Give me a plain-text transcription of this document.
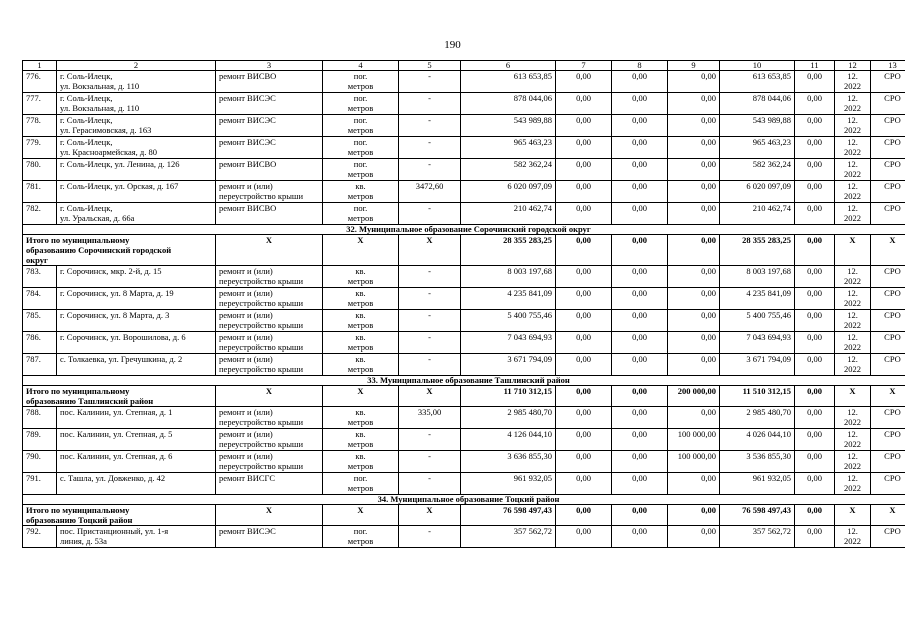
190
1	2	3	4	5	6	7	8	9	10	11	12	13
776.	г. Соль-Илецк,
ул. Вокзальная, д. 110	ремонт ВИСВО	пог.
метров	-	613 653,85	0,00	0,00	0,00	613 653,85	0,00	12.
2022	СРО
777.	г. Соль-Илецк,
ул. Вокзальная, д. 110	ремонт ВИСЭС	пог.
метров	-	878 044,06	0,00	0,00	0,00	878 044,06	0,00	12.
2022	СРО
778.	г. Соль-Илецк,
ул. Герасимовская, д. 163	ремонт ВИСЭС	пог.
метров	-	543 989,88	0,00	0,00	0,00	543 989,88	0,00	12.
2022	СРО
779.	г. Соль-Илецк,
ул. Красноармейская, д. 80	ремонт ВИСЭС	пог.
метров	-	965 463,23	0,00	0,00	0,00	965 463,23	0,00	12.
2022	СРО
780.	г. Соль-Илецк, ул. Ленина, д. 126	ремонт ВИСВО	пог.
метров	-	582 362,24	0,00	0,00	0,00	582 362,24	0,00	12.
2022	СРО
781.	г. Соль-Илецк, ул. Орская, д. 167	ремонт и (или)
переустройство крыши	кв.
метров	3472,60	6 020 097,09	0,00	0,00	0,00	6 020 097,09	0,00	12.
2022	СРО
782.	г. Соль-Илецк,
ул. Уральская, д. 66а	ремонт ВИСВО	пог.
метров	-	210 462,74	0,00	0,00	0,00	210 462,74	0,00	12.
2022	СРО
32. Муниципальное образование Сорочинский городской округ												
Итого по муниципальному
образованию Сорочинский городской
округ		X	X	X	28 355 283,25	0,00	0,00	0,00	28 355 283,25	0,00	X	X
783.	г. Сорочинск, мкр. 2-й, д. 15	ремонт и (или)
переустройство крыши	кв.
метров	-	8 003 197,68	0,00	0,00	0,00	8 003 197,68	0,00	12.
2022	СРО
784.	г. Сорочинск, ул. 8 Марта, д. 19	ремонт и (или)
переустройство крыши	кв.
метров	-	4 235 841,09	0,00	0,00	0,00	4 235 841,09	0,00	12.
2022	СРО
785.	г. Сорочинск, ул. 8 Марта, д. 3	ремонт и (или)
переустройство крыши	кв.
метров	-	5 400 755,46	0,00	0,00	0,00	5 400 755,46	0,00	12.
2022	СРО
786.	г. Сорочинск, ул. Ворошилова, д. 6	ремонт и (или)
переустройство крыши	кв.
метров	-	7 043 694,93	0,00	0,00	0,00	7 043 694,93	0,00	12.
2022	СРО
787.	с. Толкаевка, ул. Гречушкина, д. 2	ремонт и (или)
переустройство крыши	кв.
метров	-	3 671 794,09	0,00	0,00	0,00	3 671 794,09	0,00	12.
2022	СРО
33. Муниципальное образование Ташлинский район												
Итого по муниципальному
образованию Ташлинский район		X	X	X	11 710 312,15	0,00	0,00	200 000,00	11 510 312,15	0,00	X	X
788.	пос. Калинин, ул. Степная, д. 1	ремонт и (или)
переустройство крыши	кв.
метров	335,00	2 985 480,70	0,00	0,00	0,00	2 985 480,70	0,00	12.
2022	СРО
789.	пос. Калинин, ул. Степная, д. 5	ремонт и (или)
переустройство крыши	кв.
метров	-	4 126 044,10	0,00	0,00	100 000,00	4 026 044,10	0,00	12.
2022	СРО
790.	пос. Калинин, ул. Степная, д. 6	ремонт и (или)
переустройство крыши	кв.
метров	-	3 636 855,30	0,00	0,00	100 000,00	3 536 855,30	0,00	12.
2022	СРО
791.	с. Ташла, ул. Довженко, д. 42	ремонт ВИСГС	пог.
метров	-	961 932,05	0,00	0,00	0,00	961 932,05	0,00	12.
2022	СРО
34. Муниципальное образование Тоцкий район												
Итого по муниципальному
образованию Тоцкий район		X	X	X	76 598 497,43	0,00	0,00	0,00	76 598 497,43	0,00	X	X
792.	пос. Пристанционный, ул. 1-я
линия, д. 53а	ремонт ВИСЭС	пог.
метров	-	357 562,72	0,00	0,00	0,00	357 562,72	0,00	12.
2022	СРО
